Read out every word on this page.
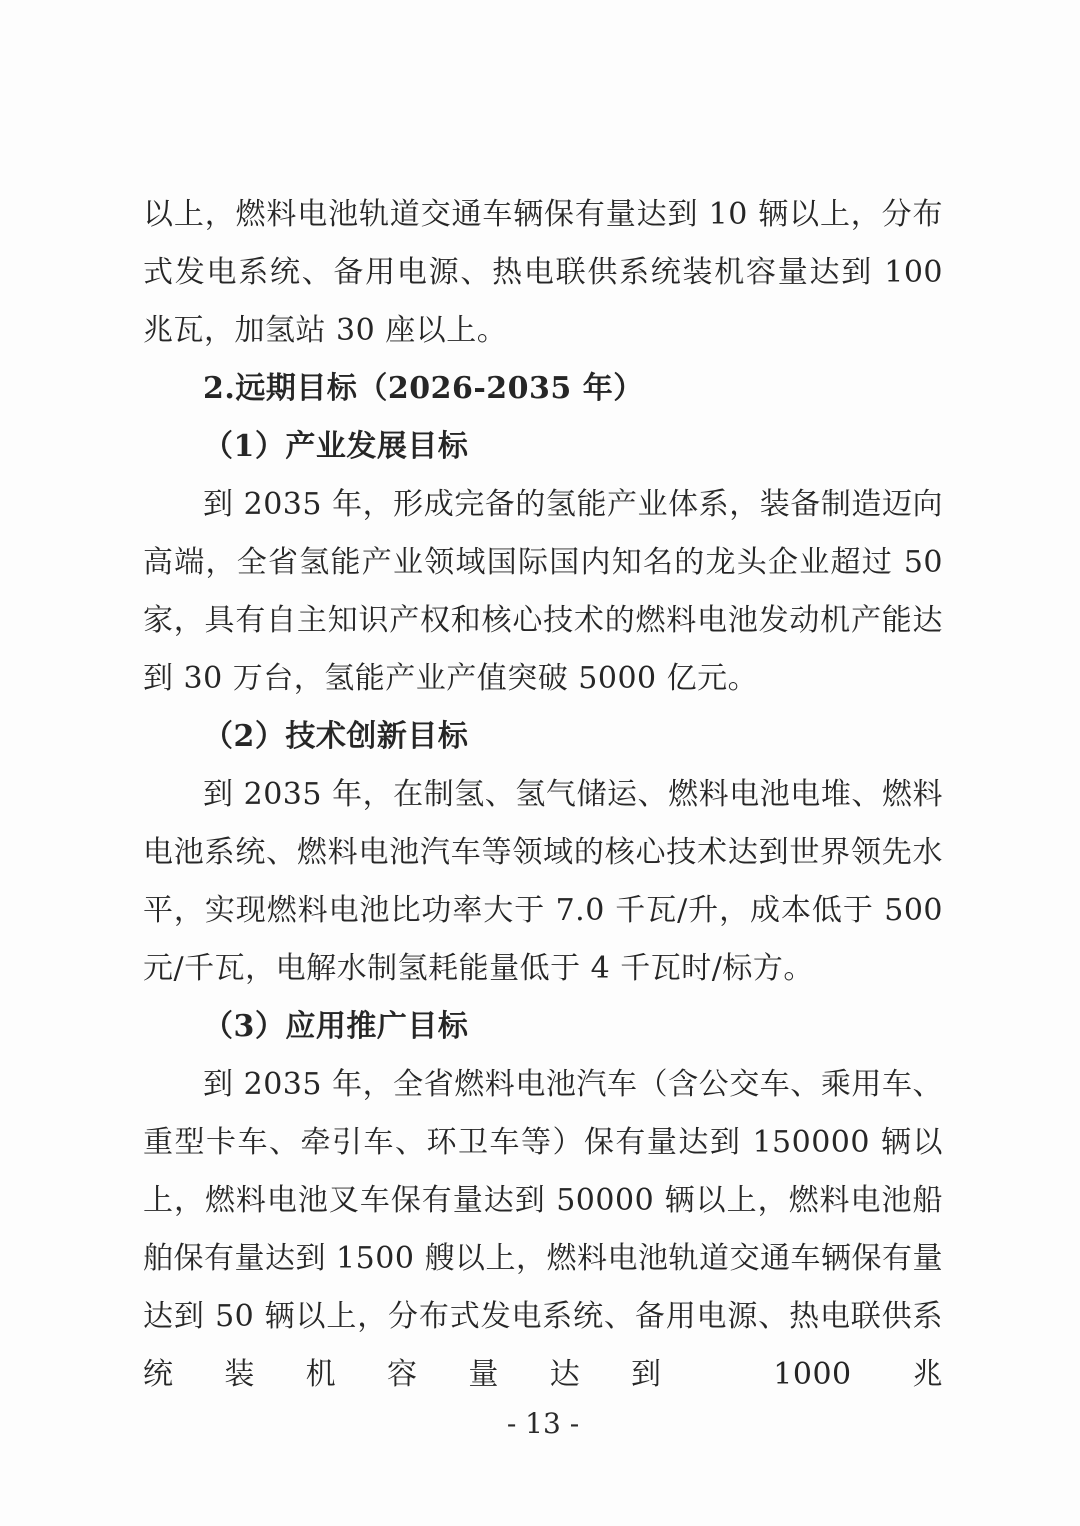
以上，燃料电池轨道交通车辆保有量达到 10 辆以上，分布式发电系统、备用电源、热电联供系统装机容量达到 100 兆瓦，加氢站 30 座以上。

2.远期目标（2026-2035 年）

（1）产业发展目标

到 2035 年，形成完备的氢能产业体系，装备制造迈向高端，全省氢能产业领域国际国内知名的龙头企业超过 50 家，具有自主知识产权和核心技术的燃料电池发动机产能达到 30 万台，氢能产业产值突破 5000 亿元。

（2）技术创新目标

到 2035 年，在制氢、氢气储运、燃料电池电堆、燃料电池系统、燃料电池汽车等领域的核心技术达到世界领先水平，实现燃料电池比功率大于 7.0 千瓦/升，成本低于 500 元/千瓦，电解水制氢耗能量低于 4 千瓦时/标方。

（3）应用推广目标

到 2035 年，全省燃料电池汽车（含公交车、乘用车、重型卡车、牵引车、环卫车等）保有量达到 150000 辆以上，燃料电池叉车保有量达到 50000 辆以上，燃料电池船舶保有量达到 1500 艘以上，燃料电池轨道交通车辆保有量达到 50 辆以上，分布式发电系统、备用电源、热电联供系统装机容量达到 1000 兆

- 13 -
